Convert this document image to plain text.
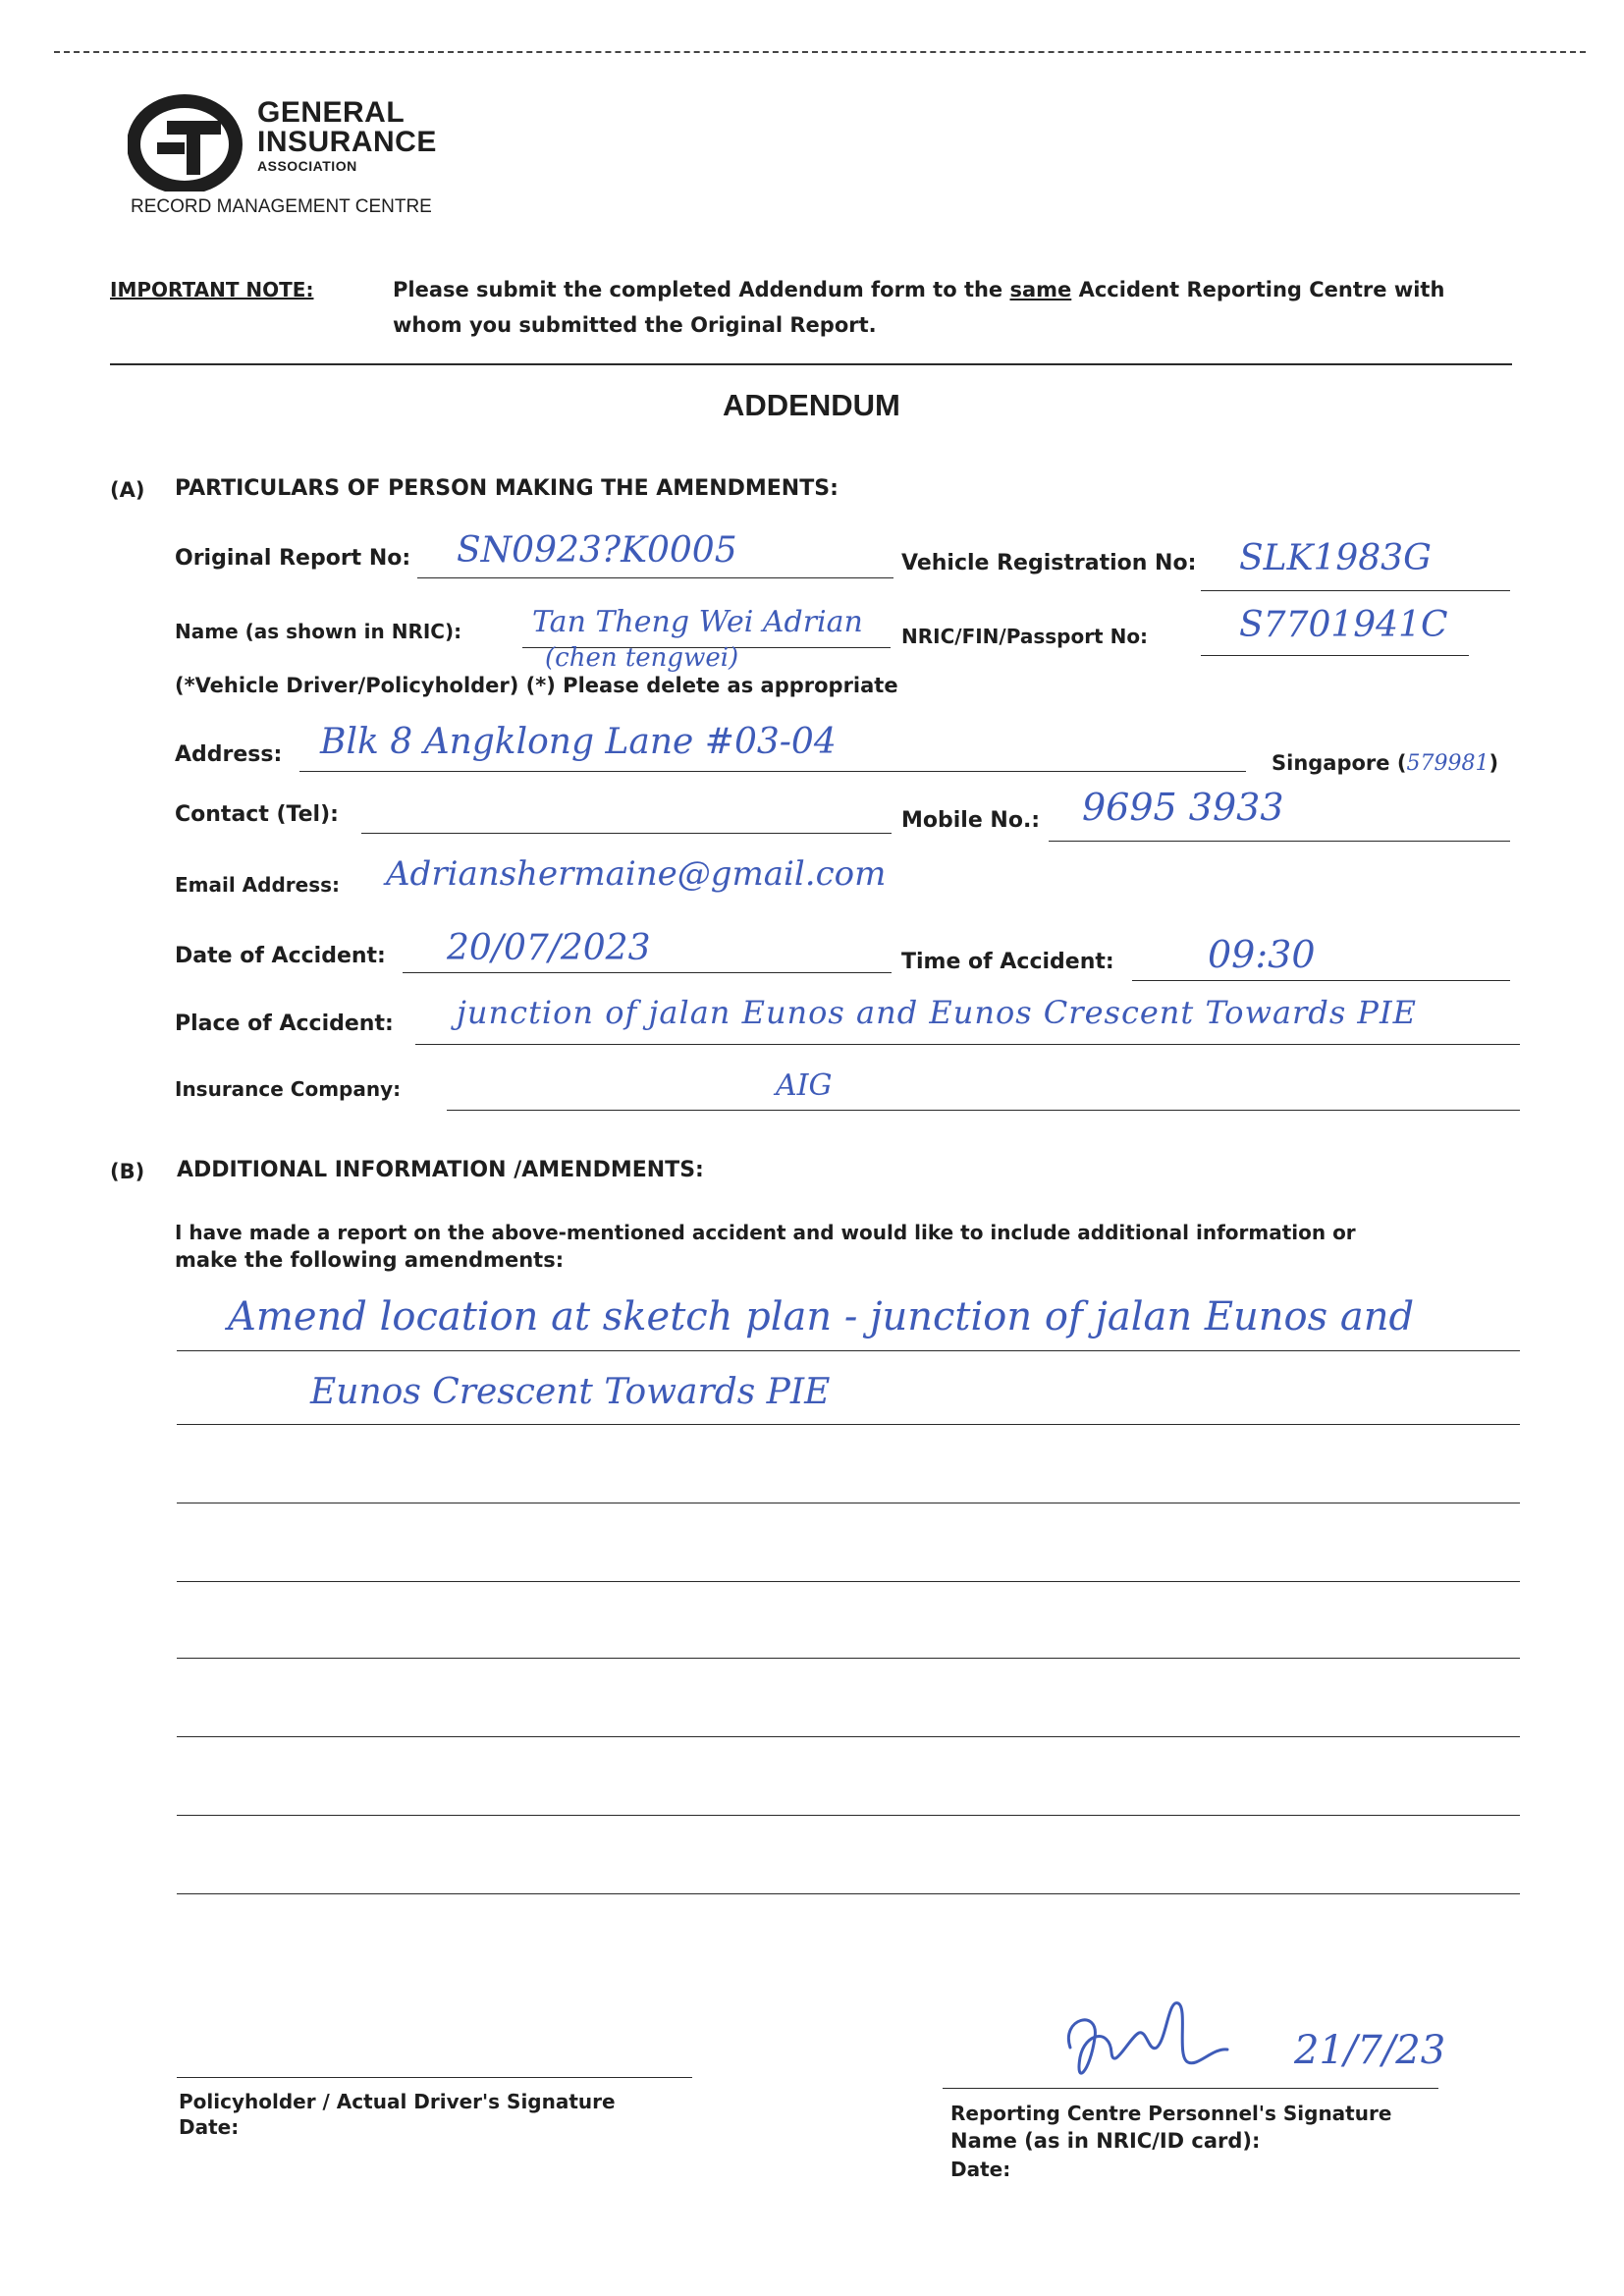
GENERAL
INSURANCE
ASSOCIATION
RECORD MANAGEMENT CENTRE
IMPORTANT NOTE:	Please submit the completed Addendum form to the same Accident Reporting Centre with
whom you submitted the Original Report.
ADDENDUM
(A) PARTICULARS OF PERSON MAKING THE AMENDMENTS:
Original Report No: SN0923?K0005	Vehicle Registration No: SLK1983G
Name (as shown in NRIC): Tan Theng Wei Adrian
(chen tengwei)
NRIC/FIN/Passport No:	S7701941C
(*Vehicle Driver/Policyholder) (*) Please delete as appropriate
Address: Blk 8 Angklong Lane #03-04
Singapore (579981)
Contact (Tel):	Mobile No.: 9695 3933
Email Address: Adrianshermaine@gmail.com
Date of Accident: 20/07/2023	Time of Accident:	09:30
Place of Accident: junction of jalan Eunos and Eunos Crescent Towards PIE
Insurance Company:	AIG
(B) ADDITIONAL INFORMATION /AMENDMENTS:
I have made a report on the above-mentioned accident and would like to include additional information or
make the following amendments:
Amend location at sketch plan - junction of jalan Eunos and
Eunos Crescent Towards PIE
Policyholder / Actual Driver's Signature
Date:
21/7/23
Reporting Centre Personnel's Signature
Name (as in NRIC/ID card):
Date:
